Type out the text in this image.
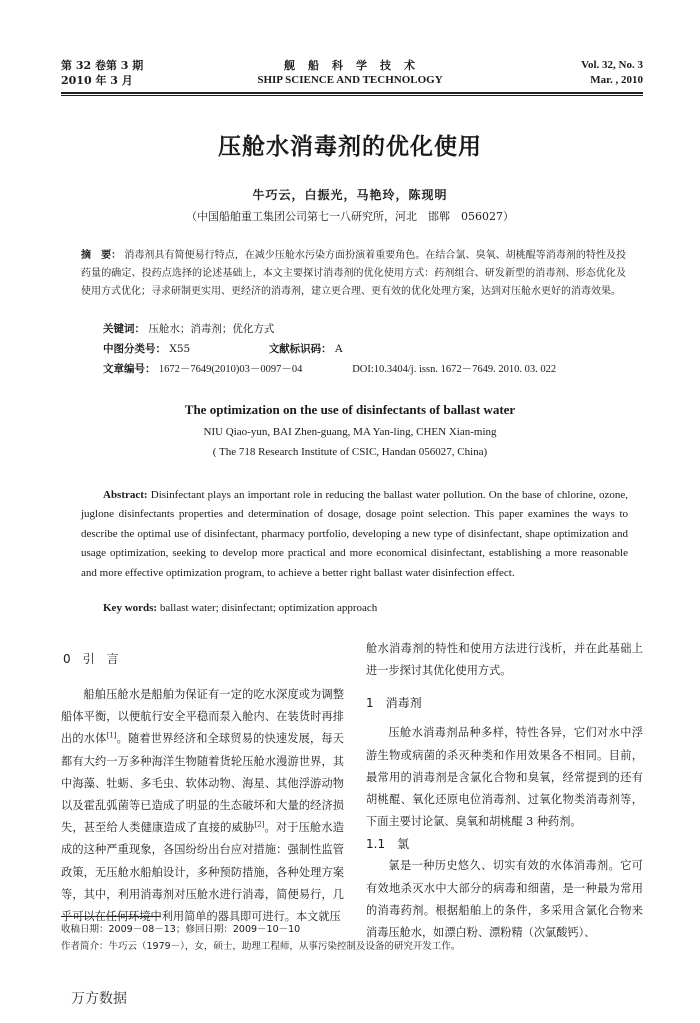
第 32 卷第 3 期
2010 年 3 月
舰　船　科　学　技　术
SHIP SCIENCE AND TECHNOLOGY
Vol. 32, No. 3
Mar. , 2010
压舱水消毒剂的优化使用
牛巧云，白振光，马艳玲，陈现明
（中国船舶重工集团公司第七一八研究所，河北　邯郸　056027）
摘　要： 消毒剂具有简便易行特点，在减少压舱水污染方面扮演着重要角色。在结合氯、臭氧、胡桃醌等消毒剂的特性及投药量的确定、投药点选择的论述基础上，本文主要探讨消毒剂的优化使用方式：药剂组合、研发新型的消毒剂、形态优化及使用方式优化；寻求研制更实用、更经济的消毒剂，建立更合理、更有效的优化处理方案，达到对压舱水更好的消毒效果。
关键词： 压舱水；消毒剂；优化方式
中图分类号： X55	文献标识码： A
文章编号： 1672－7649(2010)03－0097－04	DOI:10.3404/j. issn. 1672－7649. 2010. 03. 022
The optimization on the use of disinfectants of ballast water
NIU Qiao-yun, BAI Zhen-guang, MA Yan-ling, CHEN Xian-ming
( The 718 Research Institute of CSIC, Handan 056027, China)
Abstract: Disinfectant plays an important role in reducing the ballast water pollution. On the base of chlorine, ozone, juglone disinfectants properties and determination of dosage, dosage point selection. This paper examines the ways to describe the optimal use of disinfectant, pharmacy portfolio, developing a new type of disinfectant, shape optimization and usage optimization, seeking to develop more practical and more economical disinfectant, establishing a more reasonable and more effective optimization program, to achieve a better right ballast water disinfection effect.
Key words: ballast water; disinfectant; optimization approach
0　引　言

船舶压舱水是船舶为保证有一定的吃水深度或为调整船体平衡，以便航行安全平稳而泵入舱内、在装货时再排出的水体[1]。随着世界经济和全球贸易的快速发展，每天都有大约一万多种海洋生物随着货轮压舱水漫游世界，其中海藻、牡蛎、多毛虫、软体动物、海星、其他浮游动物以及霍乱弧菌等已造成了明显的生态破坏和大量的经济损失，甚至给人类健康造成了直接的威胁[2]。对于压舱水造成的这种严重现象，各国纷纷出台应对措施：强制性监管政策，无压舱水船舶设计，多种预防措施，各种处理方案等，其中，利用消毒剂对压舱水进行消毒，简便易行，几乎可以在任何环境中利用简单的器具即可进行。本文就压

舱水消毒剂的特性和使用方法进行浅析，并在此基础上进一步探讨其优化使用方式。
1　消毒剂

压舱水消毒剂品种多样，特性各异，它们对水中浮游生物或病菌的杀灭种类和作用效果各不相同。目前，最常用的消毒剂是含氯化合物和臭氧，经常提到的还有胡桃醌、氧化还原电位消毒剂、过氧化物类消毒剂等，下面主要讨论氯、臭氧和胡桃醌 3 种药剂。

1.1　氯

氯是一种历史悠久、切实有效的水体消毒剂。它可有效地杀灭水中大部分的病毒和细菌，是一种最为常用的消毒药剂。根据船舶上的条件，多采用含氯化合物来消毒压舱水，如漂白粉、漂粉精（次氯酸钙）、

收稿日期：2009－08－13；修回日期：2009－10－10
作者简介：牛巧云（1979－），女，硕士，助理工程师，从事污染控制及设备的研究开发工作。
万方数据
